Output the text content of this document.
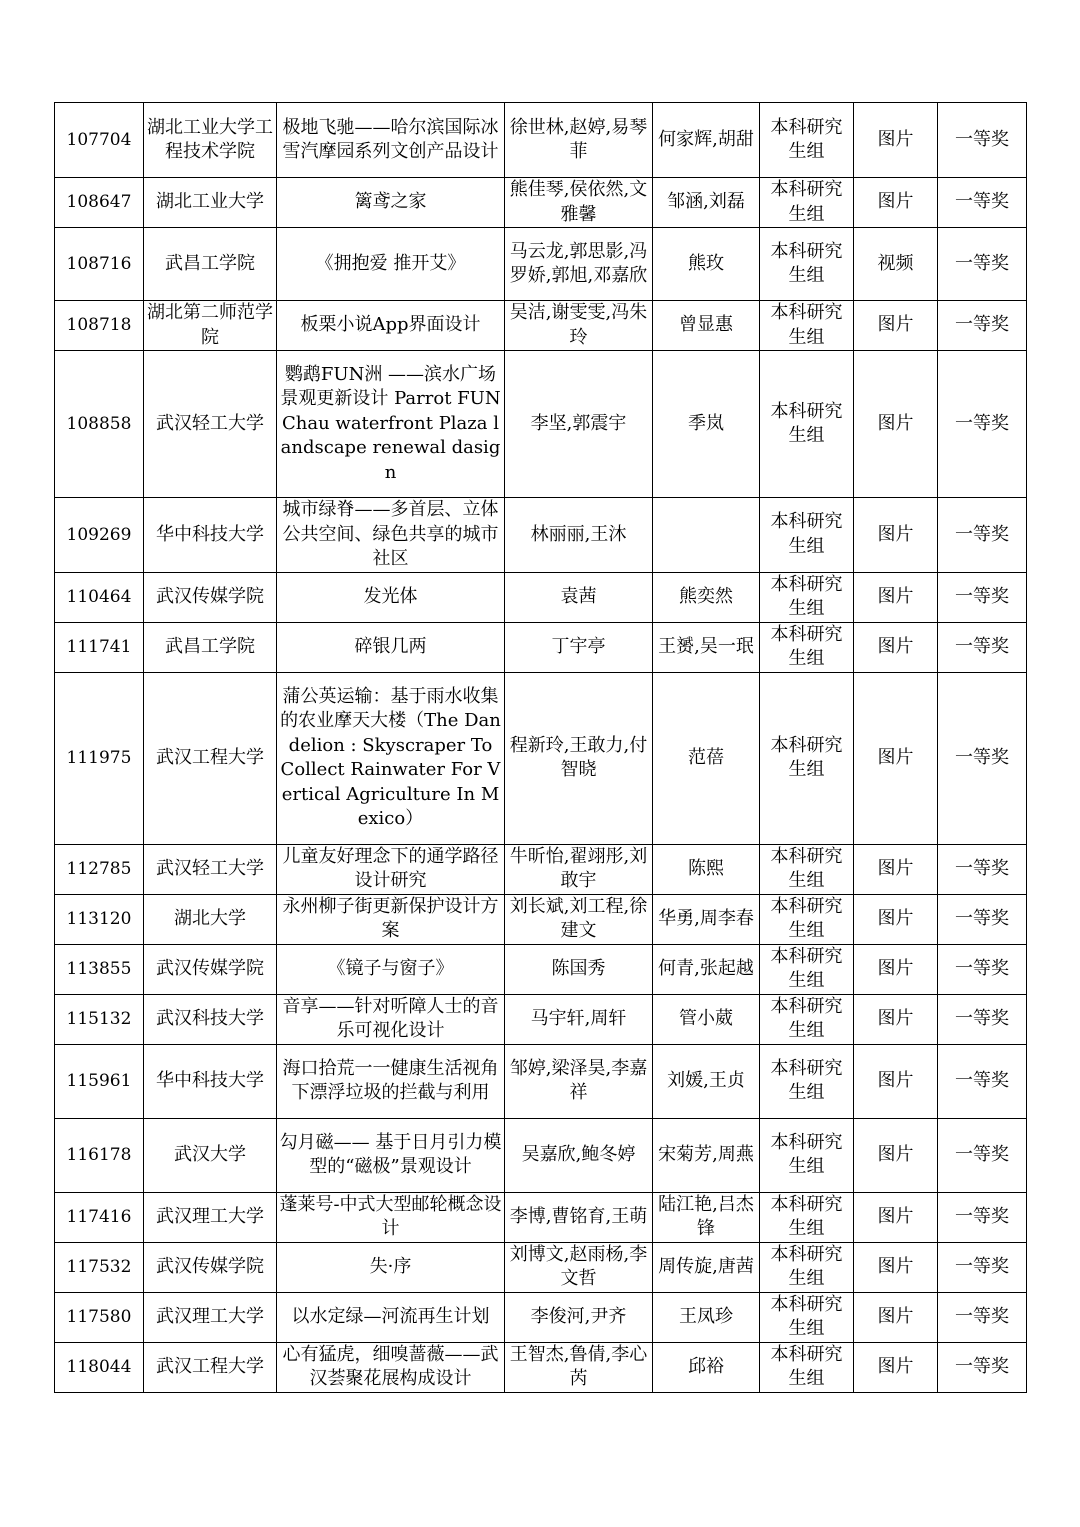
107704	湖北工业大学工程技术学院	极地飞驰——哈尔滨国际冰雪汽摩园系列文创产品设计	徐世林,赵婷,易琴菲	何家辉,胡甜	本科研究生组	图片	一等奖
108647	湖北工业大学	篱鸢之家	熊佳琴,侯依然,文雅馨	邹涵,刘磊	本科研究生组	图片	一等奖
108716	武昌工学院	《拥抱爱 推开艾》	马云龙,郭思影,冯罗娇,郭旭,邓嘉欣	熊玫	本科研究生组	视频	一等奖
108718	湖北第二师范学院	板栗小说App界面设计	吴洁,谢雯雯,冯朱玲	曾显惠	本科研究生组	图片	一等奖
108858	武汉轻工大学	鹦鹉FUN洲 ——滨水广场景观更新设计 Parrot FUN Chau waterfront Plaza landscape renewal dasign	李坚,郭震宇	季岚	本科研究生组	图片	一等奖
109269	华中科技大学	城市绿脊——多首层、立体公共空间、绿色共享的城市社区	林丽丽,王沐		本科研究生组	图片	一等奖
110464	武汉传媒学院	发光体	袁茜	熊奕然	本科研究生组	图片	一等奖
111741	武昌工学院	碎银几两	丁宇亭	王赟,吴一珉	本科研究生组	图片	一等奖
111975	武汉工程大学	蒲公英运输：基于雨水收集的农业摩天大楼（The Dandelion : Skyscraper To Collect Rainwater For Vertical Agriculture In Mexico）	程新玲,王敢力,付智晓	范蓓	本科研究生组	图片	一等奖
112785	武汉轻工大学	儿童友好理念下的通学路径设计研究	牛昕怡,翟翊彤,刘敢宇	陈熙	本科研究生组	图片	一等奖
113120	湖北大学	永州柳子街更新保护设计方案	刘长斌,刘工程,徐建文	华勇,周李春	本科研究生组	图片	一等奖
113855	武汉传媒学院	《镜子与窗子》	陈国秀	何青,张起越	本科研究生组	图片	一等奖
115132	武汉科技大学	音享——针对听障人士的音乐可视化设计	马宇轩,周轩	管小葳	本科研究生组	图片	一等奖
115961	华中科技大学	海口拾荒一一健康生活视角下漂浮垃圾的拦截与利用	邹婷,梁泽昊,李嘉祥	刘媛,王贞	本科研究生组	图片	一等奖
116178	武汉大学	勾月磁—— 基于日月引力模型的“磁极”景观设计	吴嘉欣,鲍冬婷	宋菊芳,周燕	本科研究生组	图片	一等奖
117416	武汉理工大学	蓬莱号-中式大型邮轮概念设计	李博,曹铭育,王萌	陆江艳,吕杰锋	本科研究生组	图片	一等奖
117532	武汉传媒学院	失·序	刘博文,赵雨杨,李文哲	周传旋,唐茜	本科研究生组	图片	一等奖
117580	武汉理工大学	以水定绿—河流再生计划	李俊河,尹齐	王凤珍	本科研究生组	图片	一等奖
118044	武汉工程大学	心有猛虎，细嗅蔷薇——武汉荟聚花展构成设计	王智杰,鲁倩,李心芮	邱裕	本科研究生组	图片	一等奖
